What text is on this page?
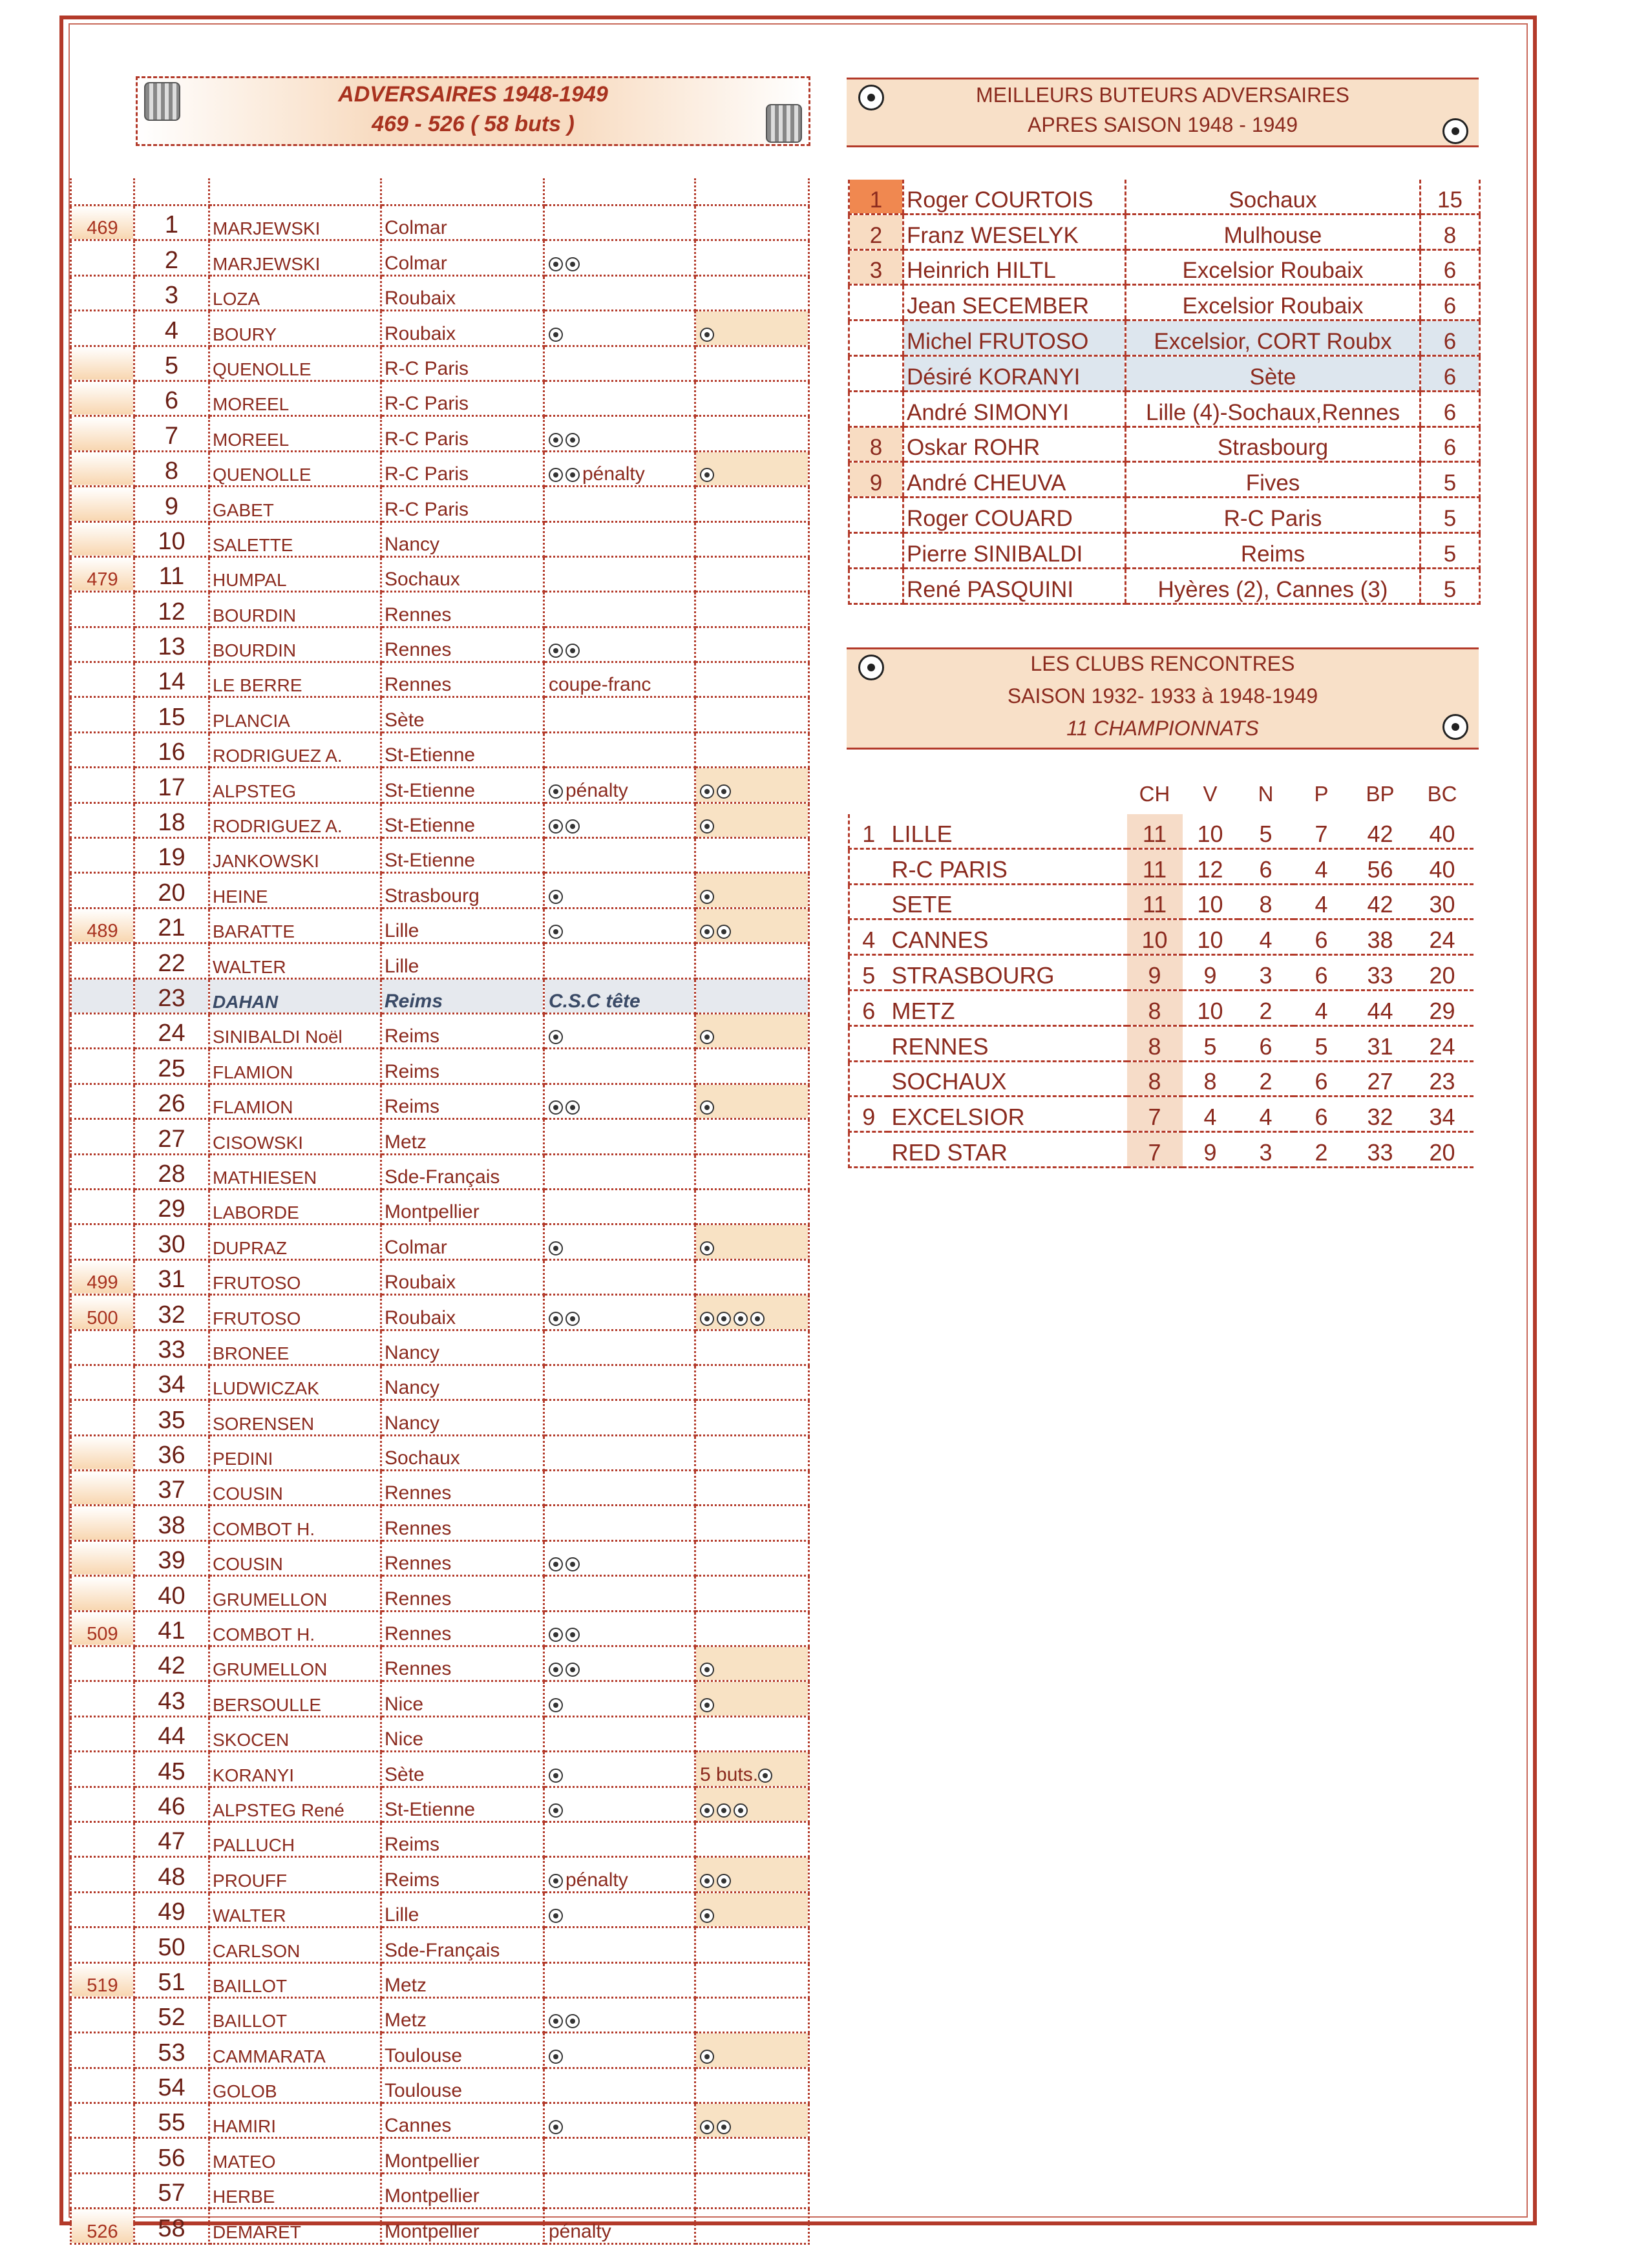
ADVERSAIRES 1948-1949
469 - 526 ( 58 buts )
MEILLEURS BUTEURS ADVERSAIRES
APRES SAISON 1948 - 1949
1	Roger COURTOIS	Sochaux	15
2	Franz WESELYK	Mulhouse	8
3	Heinrich HILTL	Excelsior Roubaix	6
	Jean SECEMBER	Excelsior Roubaix	6
	Michel FRUTOSO	Excelsior, CORT Roubx	6
	Désiré KORANYI	Sète	6
	André SIMONYI	Lille (4)-Sochaux,Rennes	6
8	Oskar ROHR	Strasbourg	6
9	André CHEUVA	Fives	5
	Roger COUARD	R-C Paris	5
	Pierre SINIBALDI	Reims	5
	René PASQUINI	Hyères (2), Cannes (3)	5
LES CLUBS RENCONTRES
SAISON 1932- 1933 à 1948-1949
11 CHAMPIONNATS
		CH	V	N	P	BP	BC
1	LILLE	11	10	5	7	42	40
	R-C PARIS	11	12	6	4	56	40
	SETE	11	10	8	4	42	30
4	CANNES	10	10	4	6	38	24
5	STRASBOURG	9	9	3	6	33	20
6	METZ	8	10	2	4	44	29
	RENNES	8	5	6	5	31	24
	SOCHAUX	8	8	2	6	27	23
9	EXCELSIOR	7	4	4	6	32	34
	RED STAR	7	9	3	2	33	20

469	1	MARJEWSKI	Colmar		
	2	MARJEWSKI	Colmar		
	3	LOZA	Roubaix		
	4	BOURY	Roubaix		
	5	QUENOLLE	R-C Paris		
	6	MOREEL	R-C Paris		
	7	MOREEL	R-C Paris		
	8	QUENOLLE	R-C Paris	pénalty	
	9	GABET	R-C Paris		
	10	SALETTE	Nancy		
479	11	HUMPAL	Sochaux		
	12	BOURDIN	Rennes		
	13	BOURDIN	Rennes		
	14	LE BERRE	Rennes	coupe-franc	
	15	PLANCIA	Sète		
	16	RODRIGUEZ A.	St-Etienne		
	17	ALPSTEG	St-Etienne	pénalty	
	18	RODRIGUEZ A.	St-Etienne		
	19	JANKOWSKI	St-Etienne		
	20	HEINE	Strasbourg		
489	21	BARATTE	Lille		
	22	WALTER	Lille		
	23	DAHAN	Reims	C.S.C tête	
	24	SINIBALDI Noël	Reims		
	25	FLAMION	Reims		
	26	FLAMION	Reims		
	27	CISOWSKI	Metz		
	28	MATHIESEN	Sde-Français		
	29	LABORDE	Montpellier		
	30	DUPRAZ	Colmar		
499	31	FRUTOSO	Roubaix		
500	32	FRUTOSO	Roubaix		
	33	BRONEE	Nancy		
	34	LUDWICZAK	Nancy		
	35	SORENSEN	Nancy		
	36	PEDINI	Sochaux		
	37	COUSIN	Rennes		
	38	COMBOT H.	Rennes		
	39	COUSIN	Rennes		
	40	GRUMELLON	Rennes		
509	41	COMBOT H.	Rennes		
	42	GRUMELLON	Rennes		
	43	BERSOULLE	Nice		
	44	SKOCEN	Nice		
	45	KORANYI	Sète		5 buts.
	46	ALPSTEG René	St-Etienne		
	47	PALLUCH	Reims		
	48	PROUFF	Reims	pénalty	
	49	WALTER	Lille		
	50	CARLSON	Sde-Français		
519	51	BAILLOT	Metz		
	52	BAILLOT	Metz		
	53	CAMMARATA	Toulouse		
	54	GOLOB	Toulouse		
	55	HAMIRI	Cannes		
	56	MATEO	Montpellier		
	57	HERBE	Montpellier		
526	58	DEMARET	Montpellier	pénalty	
